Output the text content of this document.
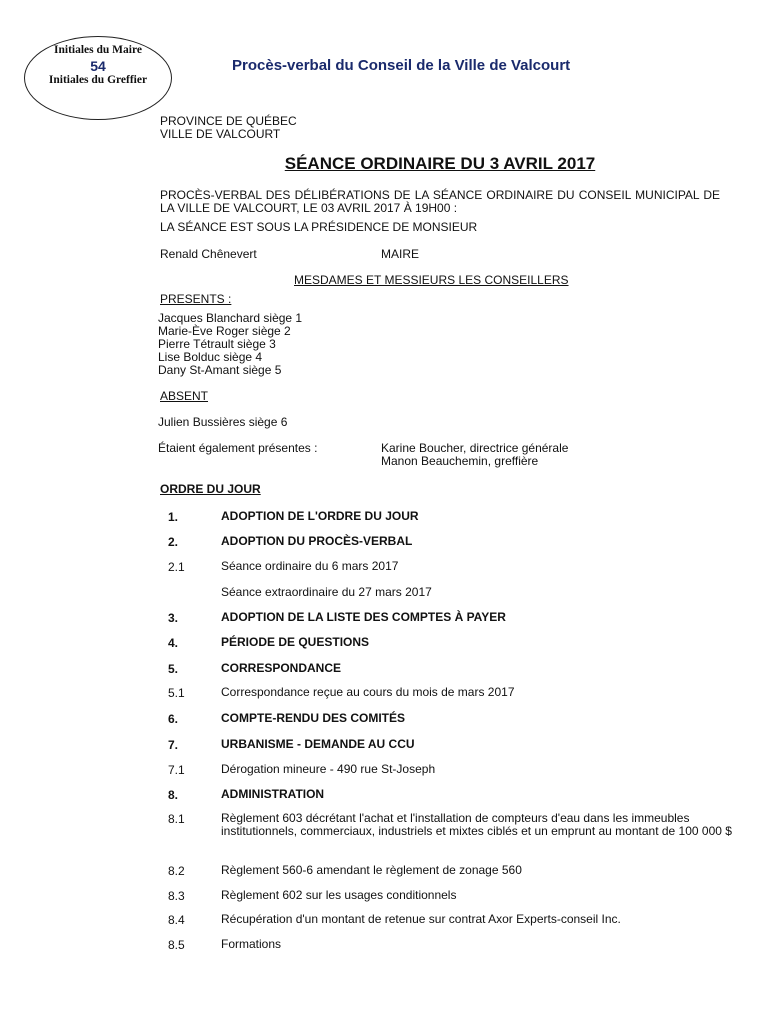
Initiales du Maire
54
Initiales du Greffier
Procès-verbal du Conseil de la Ville de Valcourt
PROVINCE DE QUÉBEC
VILLE DE VALCOURT
SÉANCE ORDINAIRE DU 3 AVRIL 2017
PROCÈS-VERBAL DES DÉLIBÉRATIONS DE LA SÉANCE ORDINAIRE DU CONSEIL MUNICIPAL DE LA VILLE DE VALCOURT, LE 03 AVRIL 2017 À 19H00 :
LA SÉANCE EST SOUS LA PRÉSIDENCE DE MONSIEUR
Renald Chênevert	MAIRE
MESDAMES ET MESSIEURS LES CONSEILLERS
PRESENTS :
Jacques Blanchard siège 1
Marie-Ève Roger siège 2
Pierre Tétrault siège 3
Lise Bolduc siège 4
Dany St-Amant siège 5
ABSENT
Julien Bussières siège 6
Étaient également présentes :	Karine Boucher, directrice générale
Manon Beauchemin, greffière
ORDRE DU JOUR
1.	ADOPTION DE L'ORDRE DU JOUR
2.	ADOPTION DU PROCÈS-VERBAL
2.1	Séance ordinaire du 6 mars 2017
Séance extraordinaire du 27 mars 2017
3.	ADOPTION DE LA LISTE DES COMPTES À PAYER
4.	PÉRIODE DE QUESTIONS
5.	CORRESPONDANCE
5.1	Correspondance reçue au cours du mois de mars 2017
6.	COMPTE-RENDU DES COMITÉS
7.	URBANISME - DEMANDE AU CCU
7.1	Dérogation mineure - 490 rue St-Joseph
8.	ADMINISTRATION
8.1	Règlement 603 décrétant l'achat et l'installation de compteurs d'eau dans les immeubles institutionnels, commerciaux, industriels et mixtes ciblés et un emprunt au montant de 100 000 $
8.2	Règlement 560-6 amendant le règlement de zonage 560
8.3	Règlement 602 sur les usages conditionnels
8.4	Récupération d'un montant de retenue sur contrat Axor Experts-conseil Inc.
8.5	Formations
